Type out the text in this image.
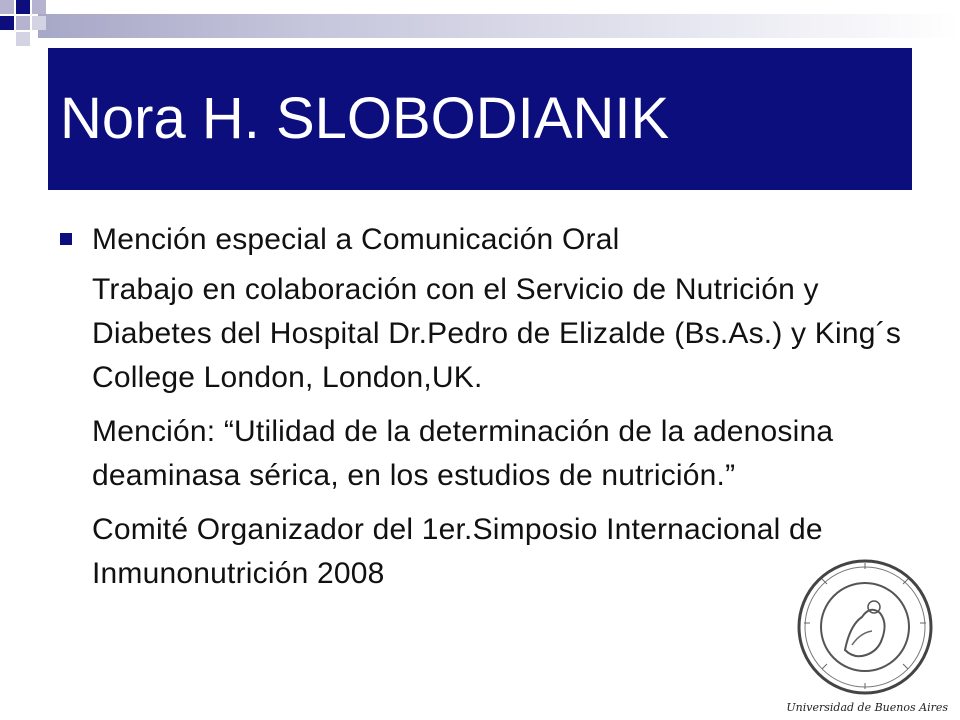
Nora H. SLOBODIANIK

Mención especial a Comunicación Oral

Trabajo en colaboración con el Servicio de Nutrición y Diabetes del Hospital Dr.Pedro de Elizalde (Bs.As.) y King´s College London, London,UK.

Mención: “Utilidad de la determinación de la adenosina deaminasa sérica, en los estudios de nutrición.”

Comité Organizador del 1er.Simposio Internacional de Inmunonutrición 2008

Universidad de Buenos Aires
